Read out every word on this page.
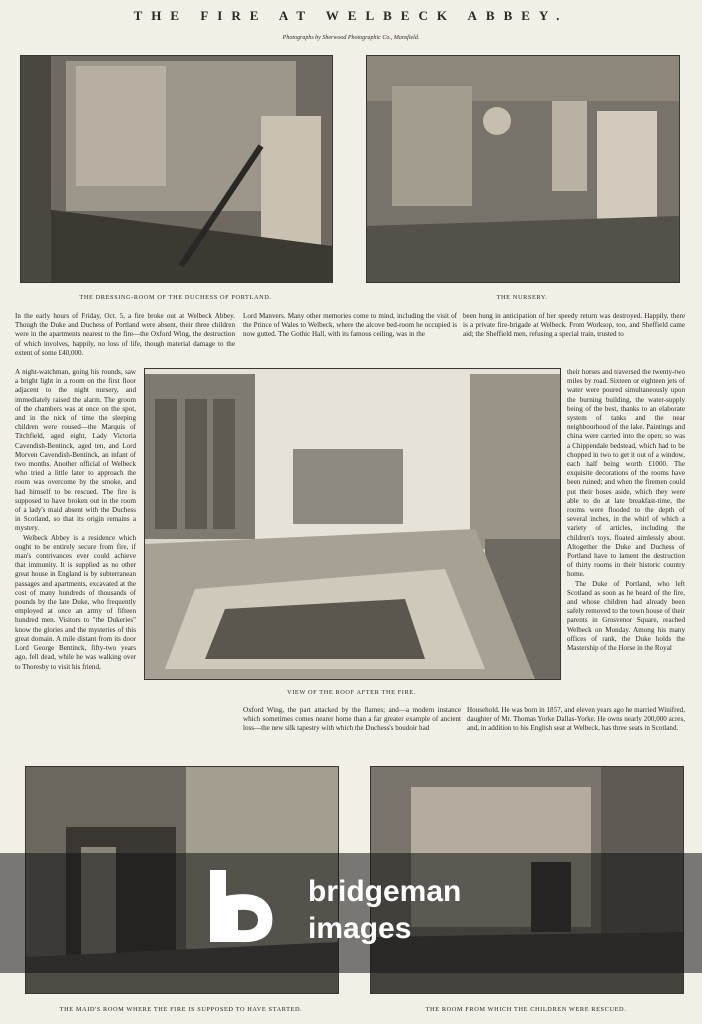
THE FIRE AT WELBECK ABBEY.
Photographs by Sherwood Photographic Co., Mansfield.
THE DRESSING-ROOM OF THE DUCHESS OF PORTLAND.	THE NURSERY.

In the early hours of Friday, Oct. 5, a fire broke out at Welbeck Abbey. Though the Duke and Duchess of Portland were absent, their three children were in the apartments nearest to the fire—the Oxford Wing, the destruction of which involves, happily, no loss of life, though material damage to the extent of some £40,000.

Lord Manvers. Many other memories come to mind, including the visit of the Prince of Wales to Welbeck, where the alcove bed-room he occupied is now gutted. The Gothic Hall, with its famous ceiling, was in the

been hung in anticipation of her speedy return was destroyed. Happily, there is a private fire-brigade at Welbeck. From Worksop, too, and Sheffield came aid; the Sheffield men, refusing a special train, trusted to

A night-watchman, going his rounds, saw a bright light in a room on the first floor adjacent to the night nursery, and immediately raised the alarm. The groom of the chambers was at once on the spot, and in the nick of time the sleeping children were roused—the Marquis of Titchfield, aged eight, Lady Victoria Cavendish-Bentinck, aged ten, and Lord Morven Cavendish-Bentinck, an infant of two months. Another official of Welbeck who tried a little later to approach the room was overcome by the smoke, and had himself to be rescued. The fire is supposed to have broken out in the room of a lady's maid absent with the Duchess in Scotland, so that its origin remains a mystery.

Welbeck Abbey is a residence which ought to be entirely secure from fire, if man's contrivances ever could achieve that immunity. It is supplied as no other great house in England is by subterranean passages and apartments, excavated at the cost of many hundreds of thousands of pounds by the late Duke, who frequently employed at once an army of fifteen hundred men. Visitors to "the Dukeries" know the glories and the mysteries of this great domain. A mile distant from its door Lord George Bentinck, fifty-two years ago, fell dead, while he was walking over to Thoresby to visit his friend,

their horses and traversed the twenty-two miles by road. Sixteen or eighteen jets of water were poured simultaneously upon the burning building, the water-supply being of the best, thanks to an elaborate system of tanks and the near neighbourhood of the lake. Paintings and china were carried into the open; so was a Chippendale bedstead, which had to be chopped in two to get it out of a window, each half being worth £1000. The exquisite decorations of the rooms have been ruined; and when the firemen could put their hoses aside, which they were able to do at late breakfast-time, the rooms were flooded to the depth of several inches, in the whirl of which a variety of articles, including the children's toys, floated aimlessly about. Altogether the Duke and Duchess of Portland have to lament the destruction of thirty rooms in their historic country home.

The Duke of Portland, who left Scotland as soon as he heard of the fire, and whose children had already been safely removed to the town house of their parents in Grosvenor Square, reached Welbeck on Monday. Among his many offices of rank, the Duke holds the Mastership of the Horse in the Royal

VIEW OF THE ROOF AFTER THE FIRE.

Oxford Wing, the part attacked by the flames; and—a modern instance which sometimes comes nearer home than a far greater example of ancient loss—the new silk tapestry with which the Duchess's boudoir had

Household. He was born in 1857, and eleven years ago he married Winifred, daughter of Mr. Thomas Yorke Dallas-Yorke. He owns nearly 200,000 acres, and, in addition to his English seat at Welbeck, has three seats in Scotland.

THE MAID'S ROOM WHERE THE FIRE IS SUPPOSED TO HAVE STARTED.	THE ROOM FROM WHICH THE CHILDREN WERE RESCUED.
bridgeman
images
